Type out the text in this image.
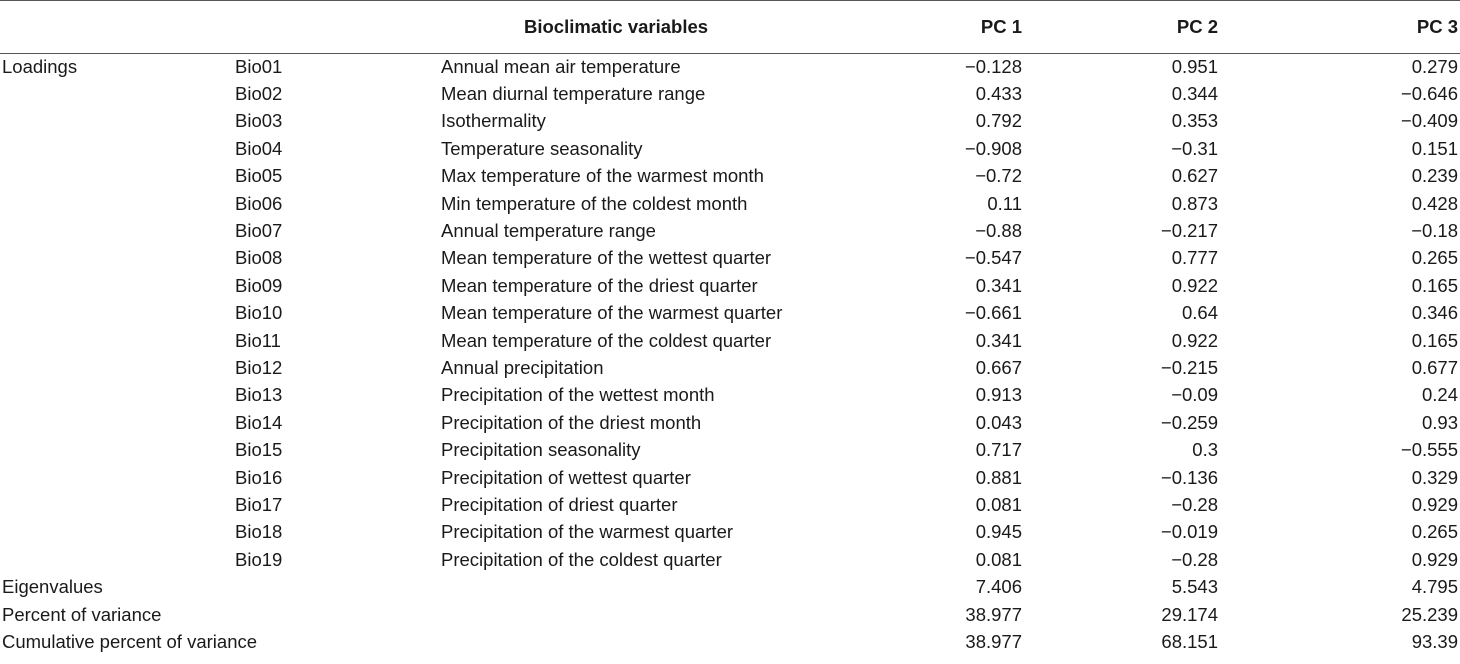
		Bioclimatic variables	PC 1	PC 2	PC 3
Loadings	Bio01	Annual mean air temperature	−0.128	0.951	0.279
	Bio02	Mean diurnal temperature range	0.433	0.344	−0.646
	Bio03	Isothermality	0.792	0.353	−0.409
	Bio04	Temperature seasonality	−0.908	−0.31	0.151
	Bio05	Max temperature of the warmest month	−0.72	0.627	0.239
	Bio06	Min temperature of the coldest month	0.11	0.873	0.428
	Bio07	Annual temperature range	−0.88	−0.217	−0.18
	Bio08	Mean temperature of the wettest quarter	−0.547	0.777	0.265
	Bio09	Mean temperature of the driest quarter	0.341	0.922	0.165
	Bio10	Mean temperature of the warmest quarter	−0.661	0.64	0.346
	Bio11	Mean temperature of the coldest quarter	0.341	0.922	0.165
	Bio12	Annual precipitation	0.667	−0.215	0.677
	Bio13	Precipitation of the wettest month	0.913	−0.09	0.24
	Bio14	Precipitation of the driest month	0.043	−0.259	0.93
	Bio15	Precipitation seasonality	0.717	0.3	−0.555
	Bio16	Precipitation of wettest quarter	0.881	−0.136	0.329
	Bio17	Precipitation of driest quarter	0.081	−0.28	0.929
	Bio18	Precipitation of the warmest quarter	0.945	−0.019	0.265
	Bio19	Precipitation of the coldest quarter	0.081	−0.28	0.929
Eigenvalues			7.406	5.543	4.795
Percent of variance			38.977	29.174	25.239
Cumulative percent of variance			38.977	68.151	93.39
